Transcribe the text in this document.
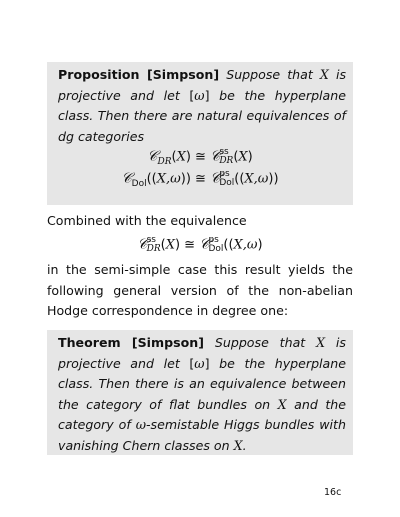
Proposition [Simpson] Suppose that X is projective and let [ω] be the hyperplane class. Then there are natural equivalences of dg categories

𝒞$_{DR}$(X) ≅ 𝒞 ss
DR (X)
𝒞$_{Dol}$((X,ω)) ≅ 𝒞 ps
Dol ((X,ω))

Combined with the equivalence

𝒞 ss
DR (X) ≅ 𝒞 ps
Dol ((X,ω)

in the semi-simple case this result yields the following general version of the non-abelian Hodge correspondence in degree one:

Theorem [Simpson] Suppose that X is projective and let [ω] be the hyperplane class. Then there is an equivalence between the category of flat bundles on X and the category of ω-semistable Higgs bundles with vanishing Chern classes on X.

16c
